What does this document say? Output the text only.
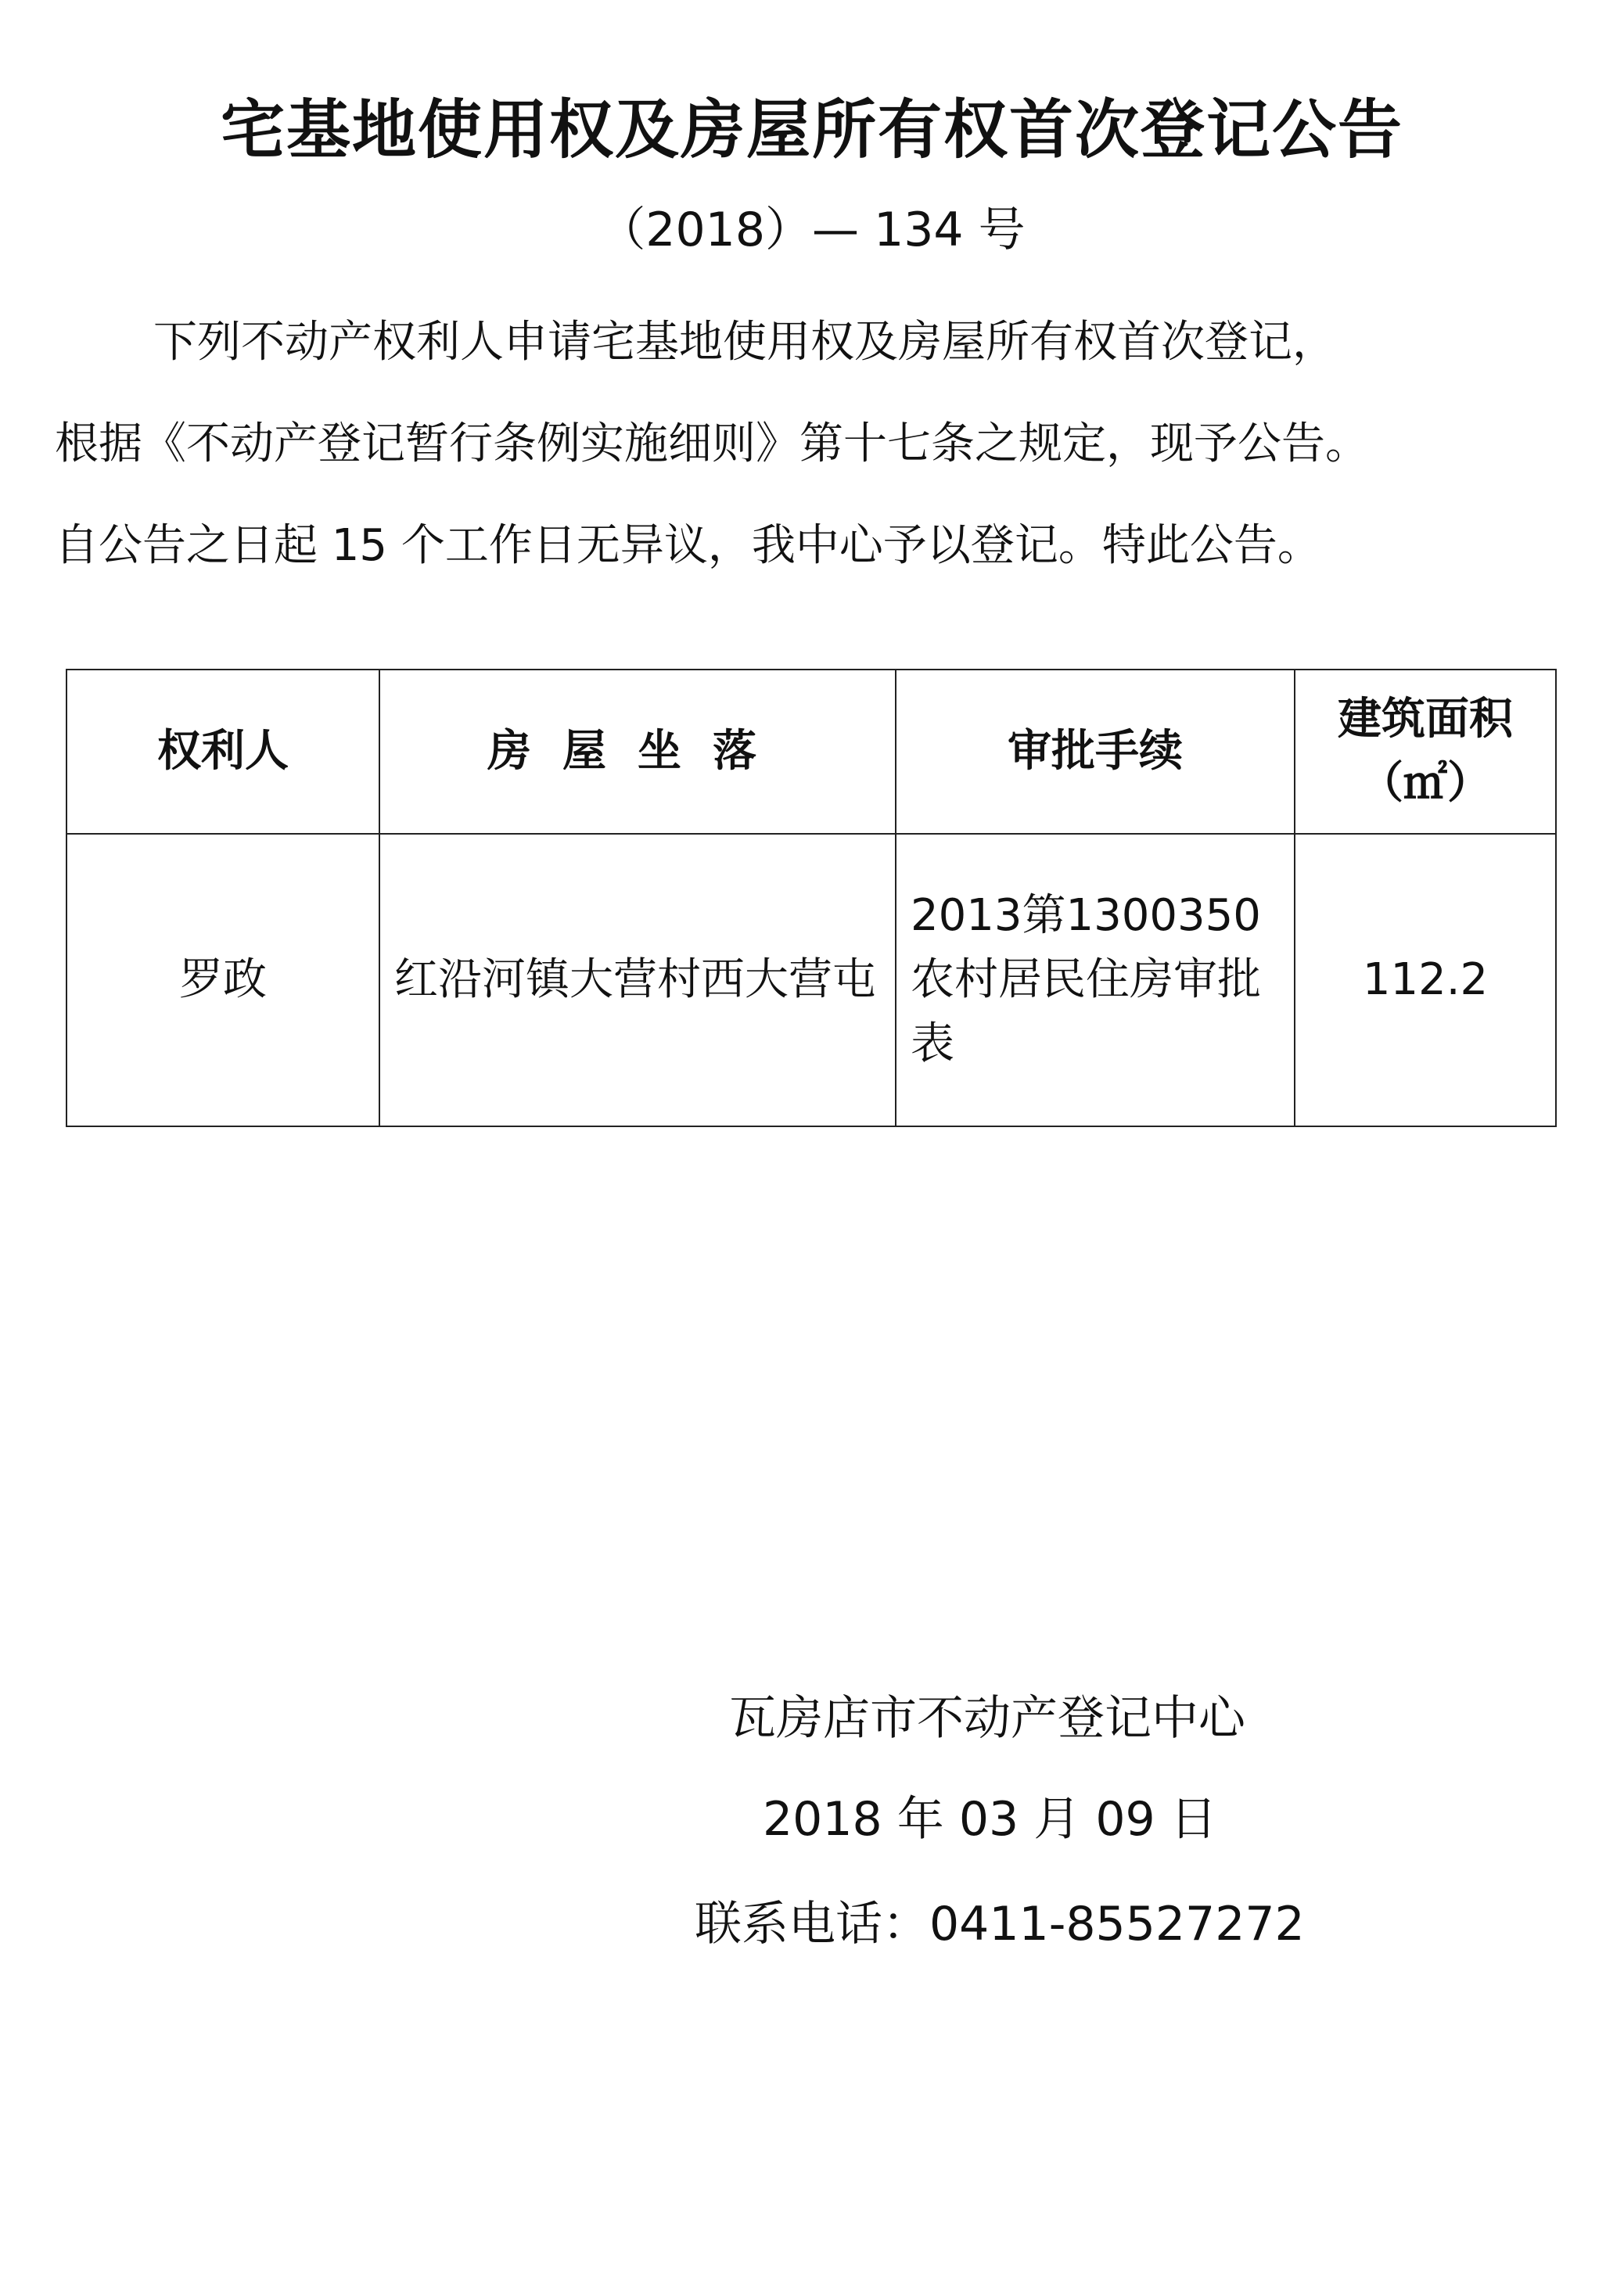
宅基地使用权及房屋所有权首次登记公告
（2018）— 134 号
下列不动产权利人申请宅基地使用权及房屋所有权首次登记，
根据《不动产登记暂行条例实施细则》第十七条之规定，现予公告。
自公告之日起 15 个工作日无异议，我中心予以登记。特此公告。
权利人	房屋坐落	审批手续	建筑面积
（㎡）

罗政	红沿河镇大营村西大营屯	2013第1300350农村居民住房审批表	112.2
瓦房店市不动产登记中心
2018 年 03 月 09 日
联系电话：0411-85527272
